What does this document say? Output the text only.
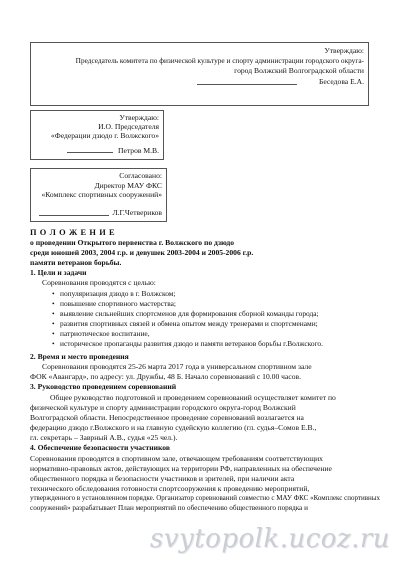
Утверждаю:
Председатель комитета по физической культуре и спорту администрации городского округа-
город Волжский Волгоградской области
Беседова Е.А.
Утверждаю:
И.О. Председателя
«Федерации дзюдо г. Волжского»
Петров М.В.
Согласовано:
Директор МАУ ФКС
«Комплекс спортивных сооружений»
Л.Г.Четвериков
П О Л О Ж Е Н И Е
о проведении Открытого первенства г. Волжского по дзюдо
среди юношей 2003, 2004 г.р. и девушек 2003-2004 и 2005-2006 г.р.
памяти ветеранов борьбы.
1. Цели и задачи
Соревнования проводятся с целью:
• популяризация дзюдо в г. Волжском;
• повышение спортивного мастерства;
• выявление сильнейших спортсменов для формирования сборной команды города;
• развития спортивных связей и обмена опытом между тренерами и спортсменами;
• патриотическое воспитание,
• историческое пропаганды развития дзюдо и памяти ветеранов борьбы г.Волжского.
2. Время и место проведения
Соревнования проводятся 25-26 марта 2017 года в универсальном спортивном зале
ФОК «Авангард», по адресу: ул. Дружбы, 48 Б. Начало соревнований с 10.00 часов.
3. Руководство проведением соревнований
Общее руководство подготовкой и проведением соревнований осуществляет комитет по
физической культуре и спорту администрации городского округа-город Волжский
Волгоградской области. Непосредственное проведение соревнований возлагается на
федерацию дзюдо г.Волжского и на главную судейскую коллегию (гл. судья–Сомов Е.В.,
гл. секретарь – Заврный А.В., судья «25 чел.).
4. Обеспечение безопасности участников
Соревнования проводятся в спортивном зале, отвечающем требованиям соответствующих
нормативно-правовых актов, действующих на территории РФ, направленных на обеспечение
общественного порядка и безопасности участников и зрителей, при наличии акта
технического обследования готовности спортсооружения к проведению мероприятий,
утвержденного в установленном порядке. Организатор соревнований совместно с МАУ ФКС «Комплекс спортивных
сооружений» разрабатывает План мероприятий по обеспечению общественного порядка и
svytopolk.ucoz.ru
